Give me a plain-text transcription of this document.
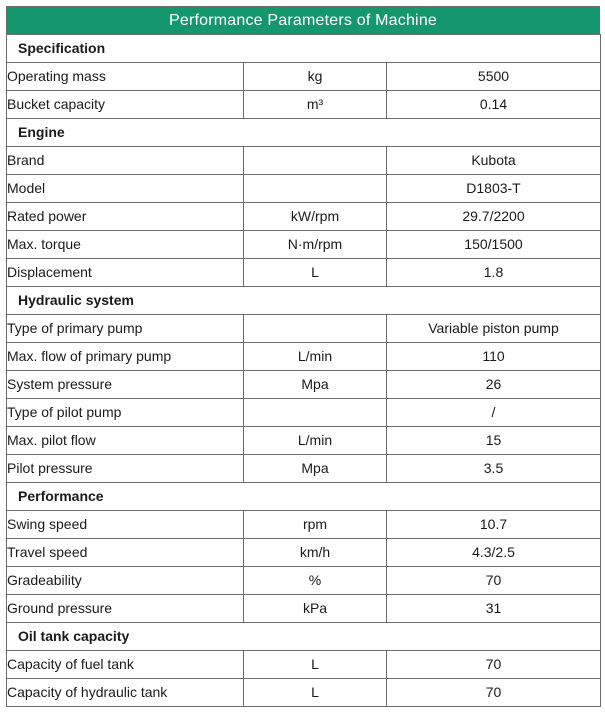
Performance Parameters of Machine
Specification		
Operating mass	kg	5500
Bucket capacity	m³	0.14
Engine		
Brand		Kubota
Model		D1803-T
Rated power	kW/rpm	29.7/2200
Max. torque	N·m/rpm	150/1500
Displacement	L	1.8
Hydraulic system		
Type of primary pump		Variable piston pump
Max. flow of primary pump	L/min	110
System pressure	Mpa	26
Type of pilot pump		/
Max. pilot flow	L/min	15
Pilot pressure	Mpa	3.5
Performance		
Swing speed	rpm	10.7
Travel speed	km/h	4.3/2.5
Gradeability	%	70
Ground pressure	kPa	31
Oil tank capacity		
Capacity of fuel tank	L	70
Capacity of hydraulic tank	L	70
